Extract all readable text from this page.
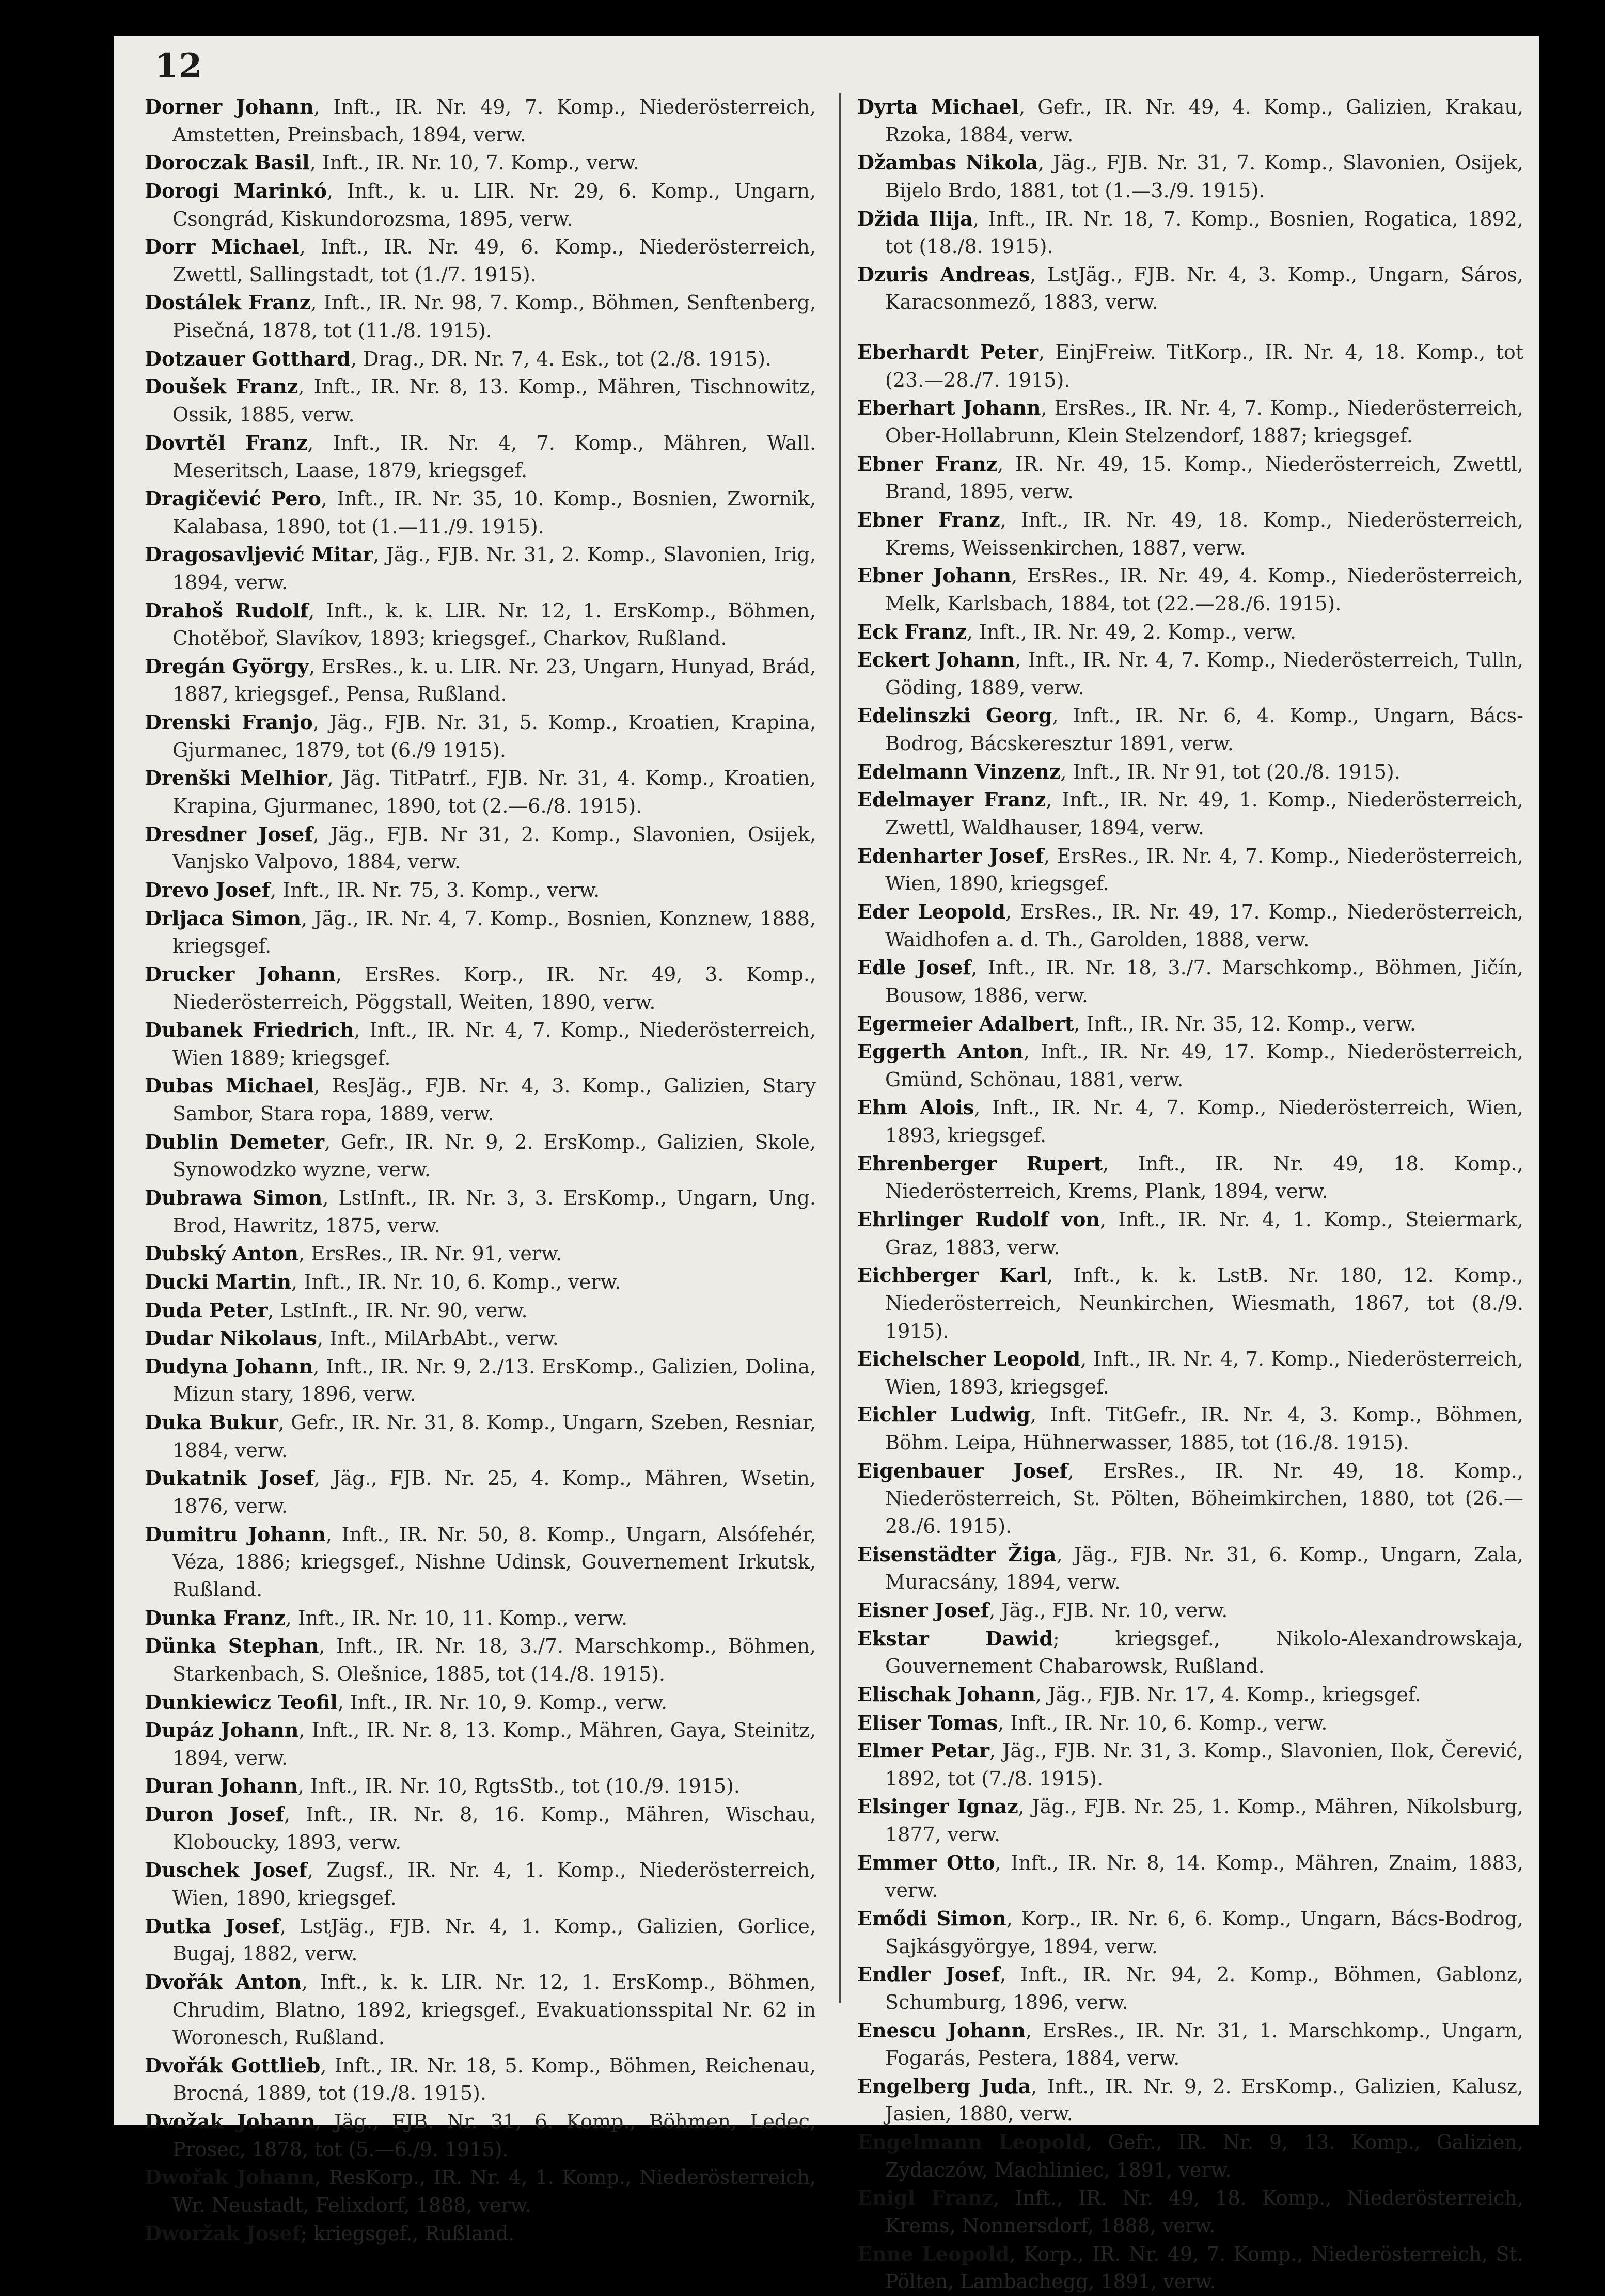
12

Dorner Johann, Inft., IR. Nr. 49, 7. Komp., Niederösterreich, Amstetten, Preinsbach, 1894, verw.

Doroczak Basil, Inft., IR. Nr. 10, 7. Komp., verw.

Dorogi Marinkó, Inft., k. u. LIR. Nr. 29, 6. Komp., Ungarn, Csongrád, Kiskundorozsma, 1895, verw.

Dorr Michael, Inft., IR. Nr. 49, 6. Komp., Niederösterreich, Zwettl, Sallingstadt, tot (1./7. 1915).

Dostálek Franz, Inft., IR. Nr. 98, 7. Komp., Böhmen, Senftenberg, Pisečná, 1878, tot (11./8. 1915).

Dotzauer Gotthard, Drag., DR. Nr. 7, 4. Esk., tot (2./8. 1915).

Doušek Franz, Inft., IR. Nr. 8, 13. Komp., Mähren, Tischnowitz, Ossik, 1885, verw.

Dovrtěl Franz, Inft., IR. Nr. 4, 7. Komp., Mähren, Wall. Meseritsch, Laase, 1879, kriegsgef.

Dragičević Pero, Inft., IR. Nr. 35, 10. Komp., Bosnien, Zwornik, Kalabasa, 1890, tot (1.—11./9. 1915).

Dragosavljević Mitar, Jäg., FJB. Nr. 31, 2. Komp., Slavonien, Irig, 1894, verw.

Drahoš Rudolf, Inft., k. k. LIR. Nr. 12, 1. ErsKomp., Böhmen, Chotěboř, Slavíkov, 1893; kriegsgef., Charkov, Rußland.

Dregán György, ErsRes., k. u. LIR. Nr. 23, Ungarn, Hunyad, Brád, 1887, kriegsgef., Pensa, Rußland.

Drenski Franjo, Jäg., FJB. Nr. 31, 5. Komp., Kroatien, Krapina, Gjurmanec, 1879, tot (6./9 1915).

Drenški Melhior, Jäg. TitPatrf., FJB. Nr. 31, 4. Komp., Kroatien, Krapina, Gjurmanec, 1890, tot (2.—6./8. 1915).

Dresdner Josef, Jäg., FJB. Nr 31, 2. Komp., Slavonien, Osijek, Vanjsko Valpovo, 1884, verw.

Drevo Josef, Inft., IR. Nr. 75, 3. Komp., verw.

Drljaca Simon, Jäg., IR. Nr. 4, 7. Komp., Bosnien, Konznew, 1888, kriegsgef.

Drucker Johann, ErsRes. Korp., IR. Nr. 49, 3. Komp., Niederösterreich, Pöggstall, Weiten, 1890, verw.

Dubanek Friedrich, Inft., IR. Nr. 4, 7. Komp., Niederösterreich, Wien 1889; kriegsgef.

Dubas Michael, ResJäg., FJB. Nr. 4, 3. Komp., Galizien, Stary Sambor, Stara ropa, 1889, verw.

Dublin Demeter, Gefr., IR. Nr. 9, 2. ErsKomp., Galizien, Skole, Synowodzko wyzne, verw.

Dubrawa Simon, LstInft., IR. Nr. 3, 3. ErsKomp., Ungarn, Ung. Brod, Hawritz, 1875, verw.

Dubský Anton, ErsRes., IR. Nr. 91, verw.

Ducki Martin, Inft., IR. Nr. 10, 6. Komp., verw.

Duda Peter, LstInft., IR. Nr. 90, verw.

Dudar Nikolaus, Inft., MilArbAbt., verw.

Dudyna Johann, Inft., IR. Nr. 9, 2./13. ErsKomp., Galizien, Dolina, Mizun stary, 1896, verw.

Duka Bukur, Gefr., IR. Nr. 31, 8. Komp., Ungarn, Szeben, Resniar, 1884, verw.

Dukatnik Josef, Jäg., FJB. Nr. 25, 4. Komp., Mähren, Wsetin, 1876, verw.

Dumitru Johann, Inft., IR. Nr. 50, 8. Komp., Ungarn, Alsófehér, Véza, 1886; kriegsgef., Nishne Udinsk, Gouvernement Irkutsk, Rußland.

Dunka Franz, Inft., IR. Nr. 10, 11. Komp., verw.

Dünka Stephan, Inft., IR. Nr. 18, 3./7. Marschkomp., Böhmen, Starkenbach, S. Olešnice, 1885, tot (14./8. 1915).

Dunkiewicz Teofil, Inft., IR. Nr. 10, 9. Komp., verw.

Dupáz Johann, Inft., IR. Nr. 8, 13. Komp., Mähren, Gaya, Steinitz, 1894, verw.

Duran Johann, Inft., IR. Nr. 10, RgtsStb., tot (10./9. 1915).

Duron Josef, Inft., IR. Nr. 8, 16. Komp., Mähren, Wischau, Kloboucky, 1893, verw.

Duschek Josef, Zugsf., IR. Nr. 4, 1. Komp., Niederösterreich, Wien, 1890, kriegsgef.

Dutka Josef, LstJäg., FJB. Nr. 4, 1. Komp., Galizien, Gorlice, Bugaj, 1882, verw.

Dvořák Anton, Inft., k. k. LIR. Nr. 12, 1. ErsKomp., Böhmen, Chrudim, Blatno, 1892, kriegsgef., Evakuationsspital Nr. 62 in Woronesch, Rußland.

Dvořák Gottlieb, Inft., IR. Nr. 18, 5. Komp., Böhmen, Reichenau, Brocná, 1889, tot (19./8. 1915).

Dvožak Johann, Jäg., FJB. Nr. 31, 6. Komp., Böhmen, Ledec, Prosec, 1878, tot (5.—6./9. 1915).

Dwořak Johann, ResKorp., IR. Nr. 4, 1. Komp., Niederösterreich, Wr. Neustadt, Felixdorf, 1888, verw.

Dworžak Josef; kriegsgef., Rußland.

Dyrta Michael, Gefr., IR. Nr. 49, 4. Komp., Galizien, Krakau, Rzoka, 1884, verw.

Džambas Nikola, Jäg., FJB. Nr. 31, 7. Komp., Slavonien, Osijek, Bijelo Brdo, 1881, tot (1.—3./9. 1915).

Džida Ilija, Inft., IR. Nr. 18, 7. Komp., Bosnien, Rogatica, 1892, tot (18./8. 1915).

Dzuris Andreas, LstJäg., FJB. Nr. 4, 3. Komp., Ungarn, Sáros, Karacsonmező, 1883, verw.

Eberhardt Peter, EinjFreiw. TitKorp., IR. Nr. 4, 18. Komp., tot (23.—28./7. 1915).

Eberhart Johann, ErsRes., IR. Nr. 4, 7. Komp., Niederösterreich, Ober-Hollabrunn, Klein Stelzendorf, 1887; kriegsgef.

Ebner Franz, IR. Nr. 49, 15. Komp., Niederösterreich, Zwettl, Brand, 1895, verw.

Ebner Franz, Inft., IR. Nr. 49, 18. Komp., Niederösterreich, Krems, Weissenkirchen, 1887, verw.

Ebner Johann, ErsRes., IR. Nr. 49, 4. Komp., Niederösterreich, Melk, Karlsbach, 1884, tot (22.—28./6. 1915).

Eck Franz, Inft., IR. Nr. 49, 2. Komp., verw.

Eckert Johann, Inft., IR. Nr. 4, 7. Komp., Niederösterreich, Tulln, Göding, 1889, verw.

Edelinszki Georg, Inft., IR. Nr. 6, 4. Komp., Ungarn, Bács-Bodrog, Bácskeresztur 1891, verw.

Edelmann Vinzenz, Inft., IR. Nr 91, tot (20./8. 1915).

Edelmayer Franz, Inft., IR. Nr. 49, 1. Komp., Niederösterreich, Zwettl, Waldhauser, 1894, verw.

Edenharter Josef, ErsRes., IR. Nr. 4, 7. Komp., Niederösterreich, Wien, 1890, kriegsgef.

Eder Leopold, ErsRes., IR. Nr. 49, 17. Komp., Niederösterreich, Waidhofen a. d. Th., Garolden, 1888, verw.

Edle Josef, Inft., IR. Nr. 18, 3./7. Marschkomp., Böhmen, Jičín, Bousow, 1886, verw.

Egermeier Adalbert, Inft., IR. Nr. 35, 12. Komp., verw.

Eggerth Anton, Inft., IR. Nr. 49, 17. Komp., Niederösterreich, Gmünd, Schönau, 1881, verw.

Ehm Alois, Inft., IR. Nr. 4, 7. Komp., Niederösterreich, Wien, 1893, kriegsgef.

Ehrenberger Rupert, Inft., IR. Nr. 49, 18. Komp., Niederösterreich, Krems, Plank, 1894, verw.

Ehrlinger Rudolf von, Inft., IR. Nr. 4, 1. Komp., Steiermark, Graz, 1883, verw.

Eichberger Karl, Inft., k. k. LstB. Nr. 180, 12. Komp., Niederösterreich, Neunkirchen, Wiesmath, 1867, tot (8./9. 1915).

Eichelscher Leopold, Inft., IR. Nr. 4, 7. Komp., Niederösterreich, Wien, 1893, kriegsgef.

Eichler Ludwig, Inft. TitGefr., IR. Nr. 4, 3. Komp., Böhmen, Böhm. Leipa, Hühnerwasser, 1885, tot (16./8. 1915).

Eigenbauer Josef, ErsRes., IR. Nr. 49, 18. Komp., Niederösterreich, St. Pölten, Böheimkirchen, 1880, tot (26.—28./6. 1915).

Eisenstädter Žiga, Jäg., FJB. Nr. 31, 6. Komp., Ungarn, Zala, Muracsány, 1894, verw.

Eisner Josef, Jäg., FJB. Nr. 10, verw.

Ekstar Dawid; kriegsgef., Nikolo-Alexandrowskaja, Gouvernement Chabarowsk, Rußland.

Elischak Johann, Jäg., FJB. Nr. 17, 4. Komp., kriegsgef.

Eliser Tomas, Inft., IR. Nr. 10, 6. Komp., verw.

Elmer Petar, Jäg., FJB. Nr. 31, 3. Komp., Slavonien, Ilok, Čerević, 1892, tot (7./8. 1915).

Elsinger Ignaz, Jäg., FJB. Nr. 25, 1. Komp., Mähren, Nikolsburg, 1877, verw.

Emmer Otto, Inft., IR. Nr. 8, 14. Komp., Mähren, Znaim, 1883, verw.

Emődi Simon, Korp., IR. Nr. 6, 6. Komp., Ungarn, Bács-Bodrog, Sajkásgyörgye, 1894, verw.

Endler Josef, Inft., IR. Nr. 94, 2. Komp., Böhmen, Gablonz, Schumburg, 1896, verw.

Enescu Johann, ErsRes., IR. Nr. 31, 1. Marschkomp., Ungarn, Fogarás, Pestera, 1884, verw.

Engelberg Juda, Inft., IR. Nr. 9, 2. ErsKomp., Galizien, Kalusz, Jasien, 1880, verw.

Engelmann Leopold, Gefr., IR. Nr. 9, 13. Komp., Galizien, Zydaczów, Machliniec, 1891, verw.

Enigl Franz, Inft., IR. Nr. 49, 18. Komp., Niederösterreich, Krems, Nonnersdorf, 1888, verw.

Enne Leopold, Korp., IR. Nr. 49, 7. Komp., Niederösterreich, St. Pölten, Lambachegg, 1891, verw.
